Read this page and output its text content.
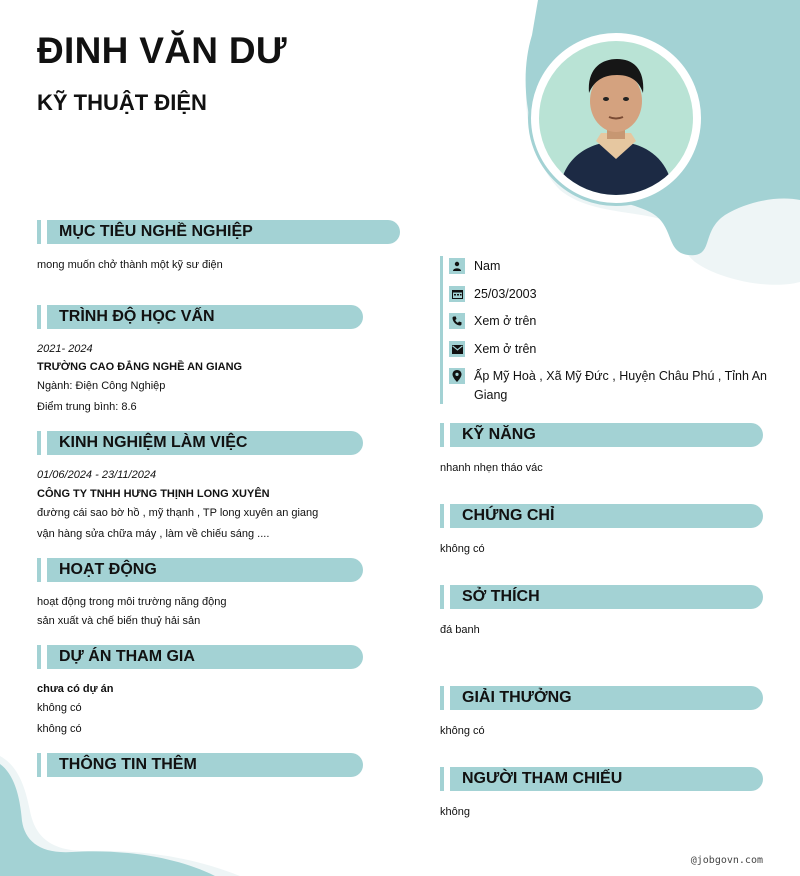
ĐINH VĂN DƯ
KỸ THUẬT ĐIỆN
MỤC TIÊU NGHỀ NGHIỆP
mong muốn chở thành một kỹ sư điện
TRÌNH ĐỘ HỌC VẤN
2021- 2024
TRƯỜNG CAO ĐẲNG NGHỀ AN GIANG
Ngành: Điện Công Nghiệp
Điểm trung bình: 8.6
KINH NGHIỆM LÀM VIỆC
01/06/2024 - 23/11/2024
CÔNG TY TNHH HƯNG THỊNH LONG XUYÊN
đường cái sao bờ hồ , mỹ thạnh , TP long xuyên an giang
vận hàng sửa chữa máy , làm về chiếu sáng ....
HOẠT ĐỘNG
hoạt động trong môi trường năng động
sản xuất và chế biến thuỷ hải sản
DỰ ÁN THAM GIA
chưa có dự án
không có
không có
THÔNG TIN THÊM
Nam
25/03/2003
Xem ở trên
Xem ở trên
Ấp Mỹ Hoà , Xã Mỹ Đức , Huyện Châu Phú , Tỉnh An Giang
KỸ NĂNG
nhanh nhẹn tháo vác
CHỨNG CHỈ
không có
SỞ THÍCH
đá banh
GIẢI THƯỞNG
không có
NGƯỜI THAM CHIẾU
không
@jobgovn.com
